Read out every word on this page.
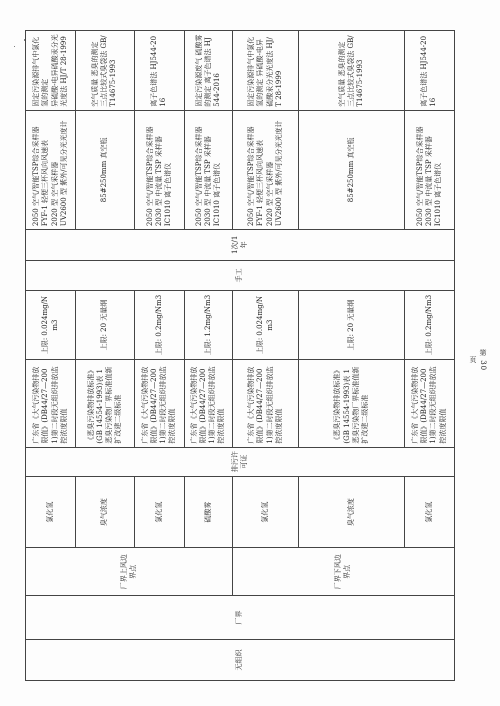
无组织	厂界	厂界上风边界点	氯化氢	排污许可证	广东省《大气污染物排放限值》(DB44/27—2001)第二时段无组织排放监控浓度限值	上限: 0.024mg/Nm3	手工	1次/1年	2050 空气/智能TSP综合采样器
FYF-1 轻便三杯风向风速表
2020 型 空气采样器
UV2600 型 紫外/可见分光光度计	固定污染源排气中氯化氢的测定
异硫酸-电异硫酸汞分光光度法 HJ/T 28-1999
			臭气浓度		《恶臭污染物排放标准》(GB 14554-1993)表 1 恶臭污染物厂界标准值新扩改建二级标准	上限: 20 无量纲			85#250mm 真空瓶	空气质量 恶臭的测定 三点比较式臭袋法 GB/T14675-1993
			氯化氢		广东省《大气污染物排放限值》(DB44/27—2001)第二时段无组织排放监控浓度限值	上限: 0.2mg/Nm3			2050 空气/智能TSP综合采样器
2030 型 中流量 TSP 采样器
IC1010 离子色谱仪	离子色谱法 HJ544-2016
			硫酸雾		广东省《大气污染物排放限值》(DB44/27—2001)第二时段无组织排放监控浓度限值	上限: 1.2mg/Nm3			2050 空气/智能TSP综合采样器
2030 型 中流量 TSP 采样器
IC1010 离子色谱仪	固定污染源废气 硫酸雾的测定 离子色谱法 HJ544-2016
		厂界下风边界点	氯化氢		广东省《大气污染物排放限值》(DB44/27—2001)第二时段无组织排放监控浓度限值	上限: 0.024mg/Nm3			2050 空气/智能TSP综合采样器
FYF-1 轻便三杯风向风速表
2020 型 空气采样器
UV2600 型 紫外/可见分光光度计	固定污染源排气中氯化氢的测定 异硫酸-电异硫酸汞分光光度法 HJ/T 28-1999
			臭气浓度		《恶臭污染物排放标准》(GB 14554-1993)表 1 恶臭污染物厂界标准值新扩改建二级标准	上限: 20 无量纲			85#250mm 真空瓶	空气质量 恶臭的测定 三点比较式臭袋法 GB/T14675-1993
			氯化氢		广东省《大气污染物排放限值》(DB44/27—2001)第二时段无组织排放监控浓度限值	上限: 0.2mg/Nm3			2050 空气/智能TSP综合采样器
2030 型 中流量 TSP 采样器
IC1010 离子色谱仪	离子色谱法 HJ544-2016
第 30 页
